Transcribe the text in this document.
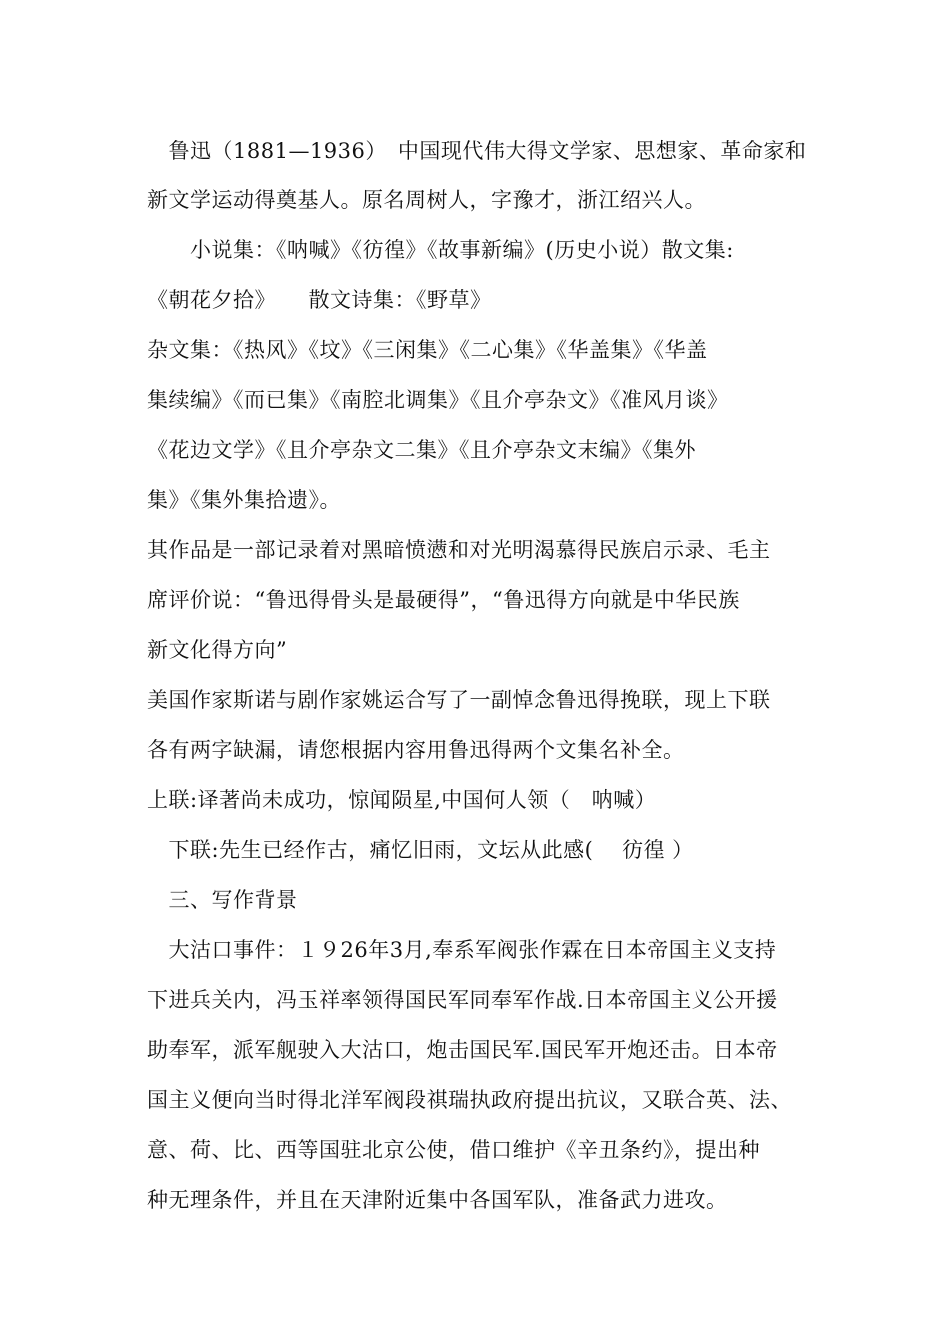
　鲁迅（1881—1936）　中国现代伟大得文学家、思想家、革命家和
新文学运动得奠基人。原名周树人，字豫才，浙江绍兴人。
　　小说集：《呐喊》《彷徨》《故事新编》(历史小说）散文集:
《朝花夕拾》　　散文诗集：《野草》
杂文集：《热风》《坟》《三闲集》《二心集》《华盖集》《华盖
集续编》《而已集》《南腔北调集》《且介亭杂文》《准风月谈》
《花边文学》《且介亭杂文二集》《且介亭杂文末编》《集外
集》《集外集拾遗》。
其作品是一部记录着对黑暗愤懑和对光明渴慕得民族启示录、毛主
席评价说：“鲁迅得骨头是最硬得”，“鲁迅得方向就是中华民族
新文化得方向”
美国作家斯诺与剧作家姚运合写了一副悼念鲁迅得挽联，现上下联
各有两字缺漏，请您根据内容用鲁迅得两个文集名补全。
上联:译著尚未成功，惊闻陨星,中国何人领（　呐喊）
　下联:先生已经作古，痛忆旧雨，文坛从此感(　 彷徨 ）
　三、写作背景
　大沽口事件：１９26年3月,奉系军阀张作霖在日本帝国主义支持
下进兵关内，冯玉祥率领得国民军同奉军作战.日本帝国主义公开援
助奉军，派军舰驶入大沽口，炮击国民军.国民军开炮还击。日本帝
国主义便向当时得北洋军阀段祺瑞执政府提出抗议，又联合英、法、
意、荷、比、西等国驻北京公使，借口维护《辛丑条约》，提出种
种无理条件，并且在天津附近集中各国军队，准备武力进攻。
